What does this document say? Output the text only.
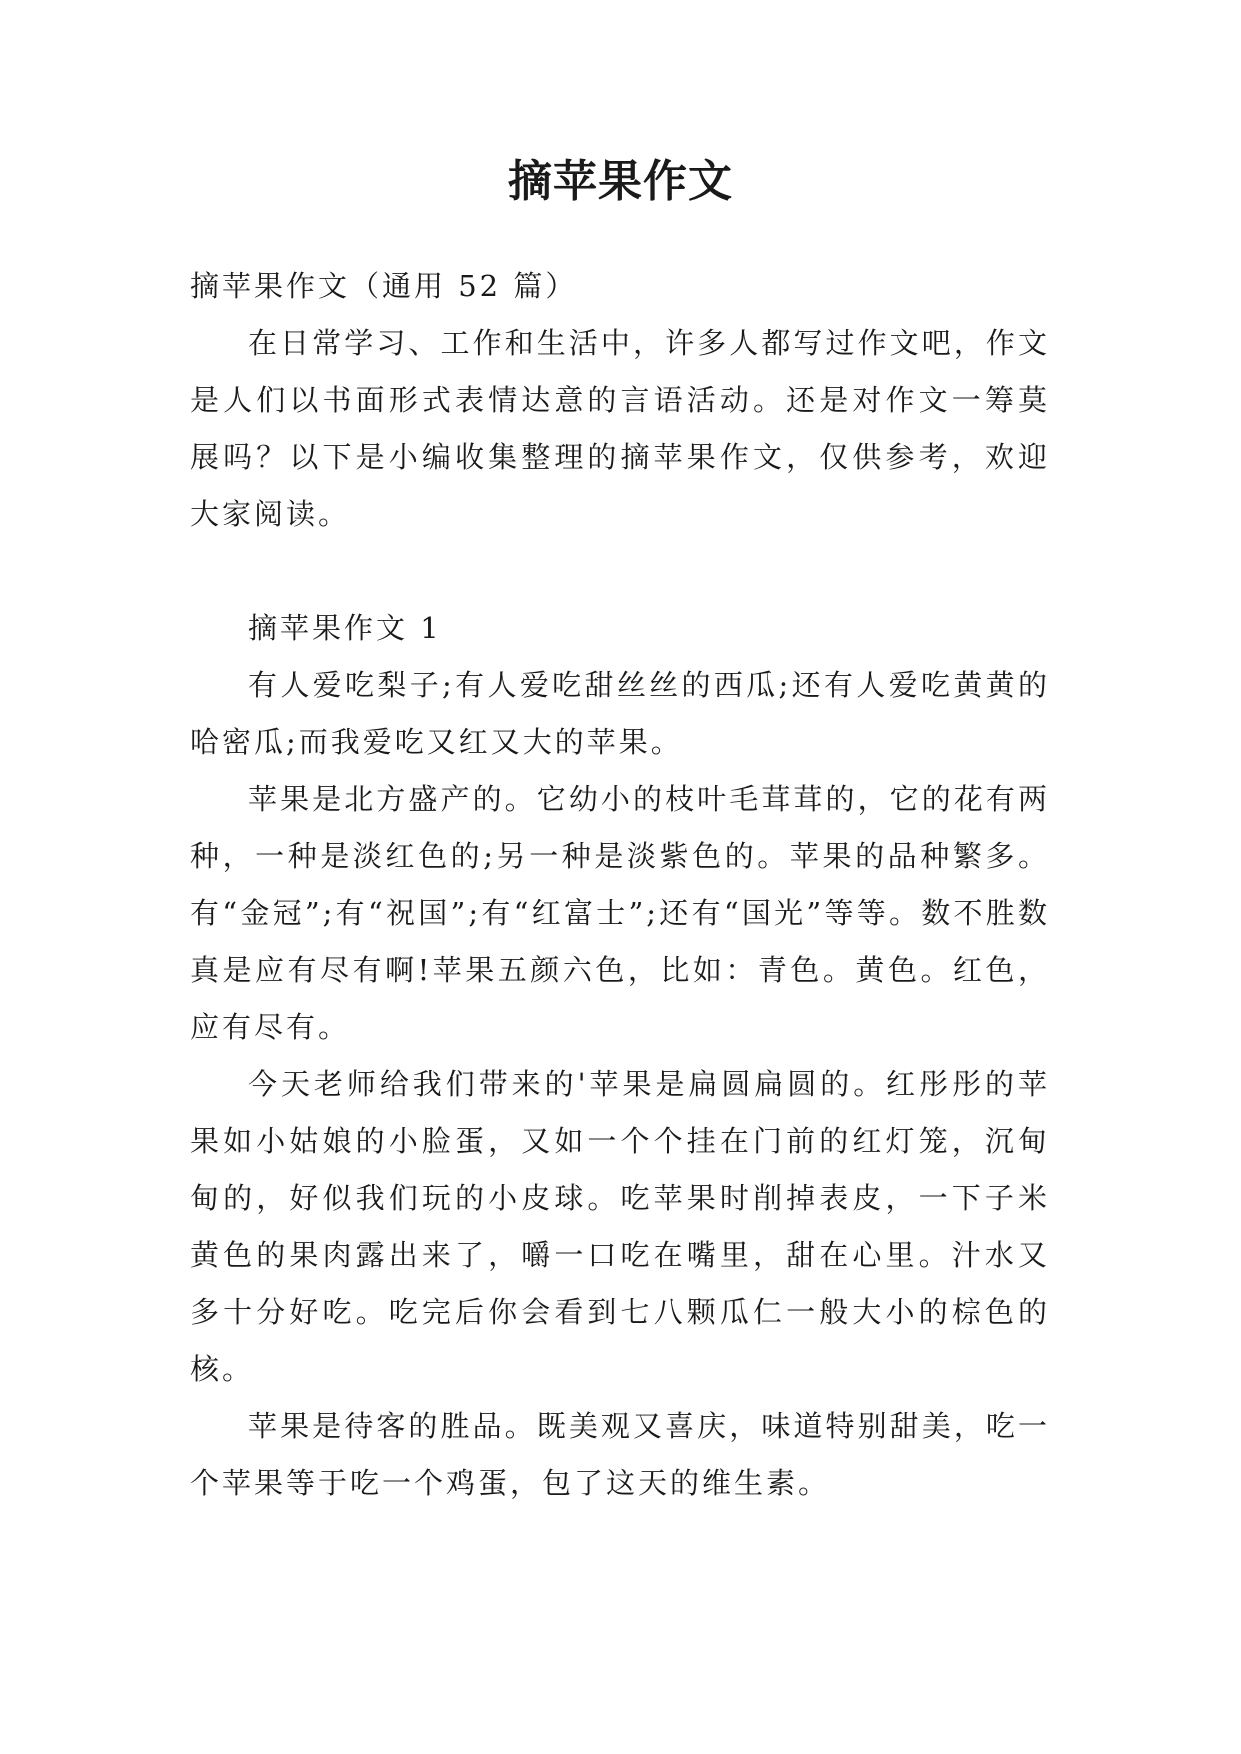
摘苹果作文

摘苹果作文（通用 52 篇）

在日常学习、工作和生活中，许多人都写过作文吧，作文是人们以书面形式表情达意的言语活动。还是对作文一筹莫展吗？以下是小编收集整理的摘苹果作文，仅供参考，欢迎大家阅读。

摘苹果作文 1

有人爱吃梨子;有人爱吃甜丝丝的西瓜;还有人爱吃黄黄的哈密瓜;而我爱吃又红又大的苹果。

苹果是北方盛产的。它幼小的枝叶毛茸茸的，它的花有两种，一种是淡红色的;另一种是淡紫色的。苹果的品种繁多。有“金冠”;有“祝国”;有“红富士”;还有“国光”等等。数不胜数真是应有尽有啊!苹果五颜六色，比如：青色。黄色。红色，应有尽有。

今天老师给我们带来的'苹果是扁圆扁圆的。红彤彤的苹果如小姑娘的小脸蛋，又如一个个挂在门前的红灯笼，沉甸甸的，好似我们玩的小皮球。吃苹果时削掉表皮，一下子米黄色的果肉露出来了，嚼一口吃在嘴里，甜在心里。汁水又多十分好吃。吃完后你会看到七八颗瓜仁一般大小的棕色的核。

苹果是待客的胜品。既美观又喜庆，味道特别甜美，吃一个苹果等于吃一个鸡蛋，包了这天的维生素。
